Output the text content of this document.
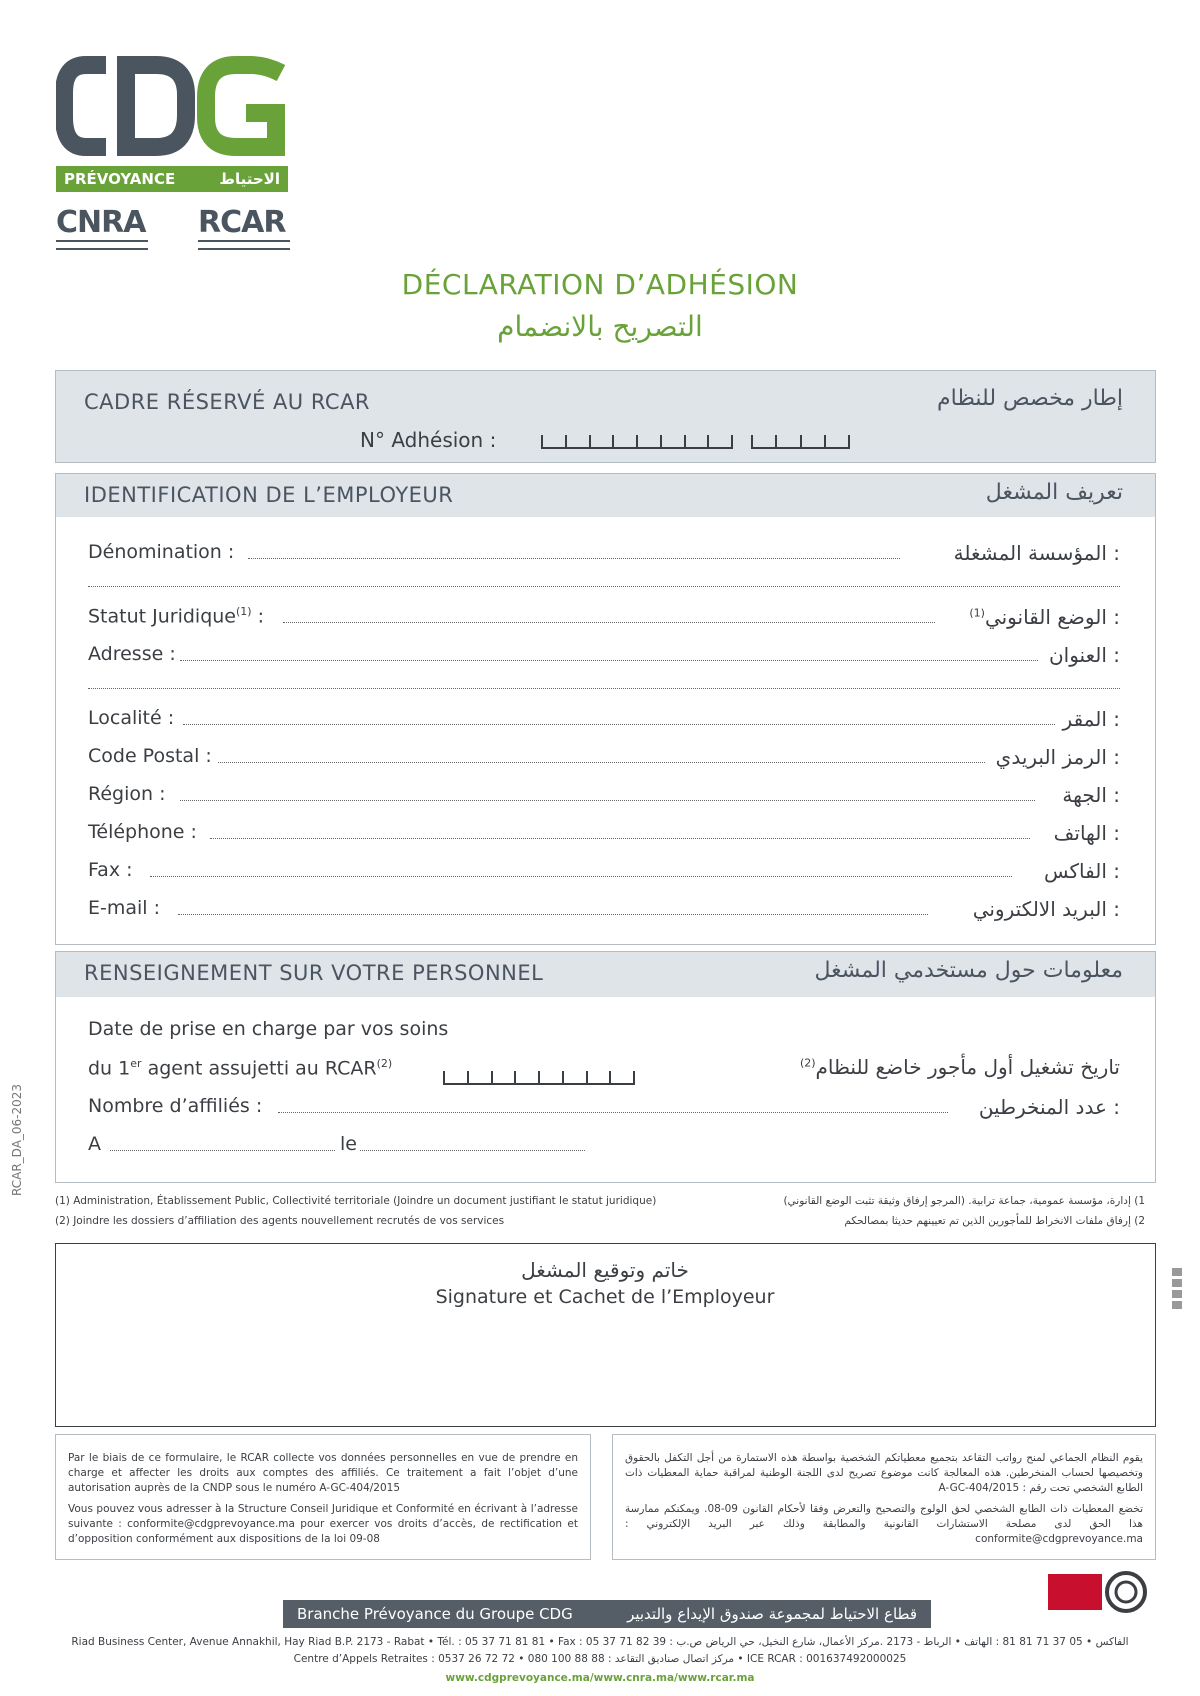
PRÉVOYANCE	الاحتياط
CNRA RCAR
DÉCLARATION D’ADHÉSION
التصريح بالانضمام
CADRE RÉSERVÉ AU RCAR	إطار مخصص للنظام
N° Adhésion :
IDENTIFICATION DE L’EMPLOYEUR	تعريف المشغل
Dénomination :	: المؤسسة المشغلة
Statut Juridique$^{(1)}$ :	: الوضع القانوني$^{(1)}$
Adresse :	: العنوان
Localité :	: المقر
Code Postal :	: الرمز البريدي
Région :	: الجهة
Téléphone :	: الهاتف
Fax :	: الفاكس
E-mail :	: البريد الالكتروني
RENSEIGNEMENT SUR VOTRE PERSONNEL	معلومات حول مستخدمي المشغل
Date de prise en charge par vos soins
du 1er agent assujetti au RCAR$^{(2)}$	تاريخ تشغيل أول مأجور خاضع للنظام$^{(2)}$
Nombre d’affiliés :	: عدد المنخرطين
A	le
RCAR_DA_06-2023
(1) Administration, Établissement Public, Collectivité territoriale (Joindre un document justifiant le statut juridique)
(2) Joindre les dossiers d’affiliation des agents nouvellement recrutés de vos services
1) إدارة، مؤسسة عمومية، جماعة ترابية. (المرجو إرفاق وثيقة تثبت الوضع القانوني)
2) إرفاق ملفات الانخراط للمأجورين الذين تم تعيينهم حديثا بمصالحكم
خاتم وتوقيع المشغل
Signature et Cachet de l’Employeur
Par le biais de ce formulaire, le RCAR collecte vos données personnelles en vue de prendre en charge et affecter les droits aux comptes des affiliés. Ce traitement a fait l’objet d’une autorisation auprès de la CNDP sous le numéro A-GC-404/2015
Vous pouvez vous adresser à la Structure Conseil Juridique et Conformité en écrivant à l’adresse suivante : conformite@cdgprevoyance.ma pour exercer vos droits d’accès, de rectification et d’opposition conformément aux dispositions de la loi 09-08
يقوم النظام الجماعي لمنح رواتب التقاعد بتجميع معطياتكم الشخصية بواسطة هذه الاستمارة من أجل التكفل بالحقوق وتخصيصها لحساب المنخرطين. هذه المعالجة كانت موضوع تصريح لدى اللجنة الوطنية لمراقبة حماية المعطيات ذات الطابع الشخصي تحت رقم : A-GC-404/2015
تخضع المعطيات ذات الطابع الشخصي لحق الولوج والتصحيح والتعرض وفقا لأحكام القانون 09-08. ويمكنكم ممارسة هذا الحق لدى مصلحة الاستشارات القانونية والمطابقة وذلك عبر البريد الإلكتروني : conformite@cdgprevoyance.ma
Branche Prévoyance du Groupe CDG	قطاع الاحتياط لمجموعة صندوق الإيداع والتدبير
Riad Business Center, Avenue Annakhil, Hay Riad B.P. 2173 - Rabat • Tél. : 05 37 71 81 81 • Fax : 05 37 71 82 39 : الفاكس • 05 37 71 81 81 : الهاتف • الرباط - 2173 .مركز الأعمال، شارع النخيل، حي الرياض ص.ب
Centre d’Appels Retraites : 0537 26 72 72 • 080 100 88 88 : مركز اتصال صناديق التقاعد • ICE RCAR : 001637492000025
www.cdgprevoyance.ma/www.cnra.ma/www.rcar.ma
